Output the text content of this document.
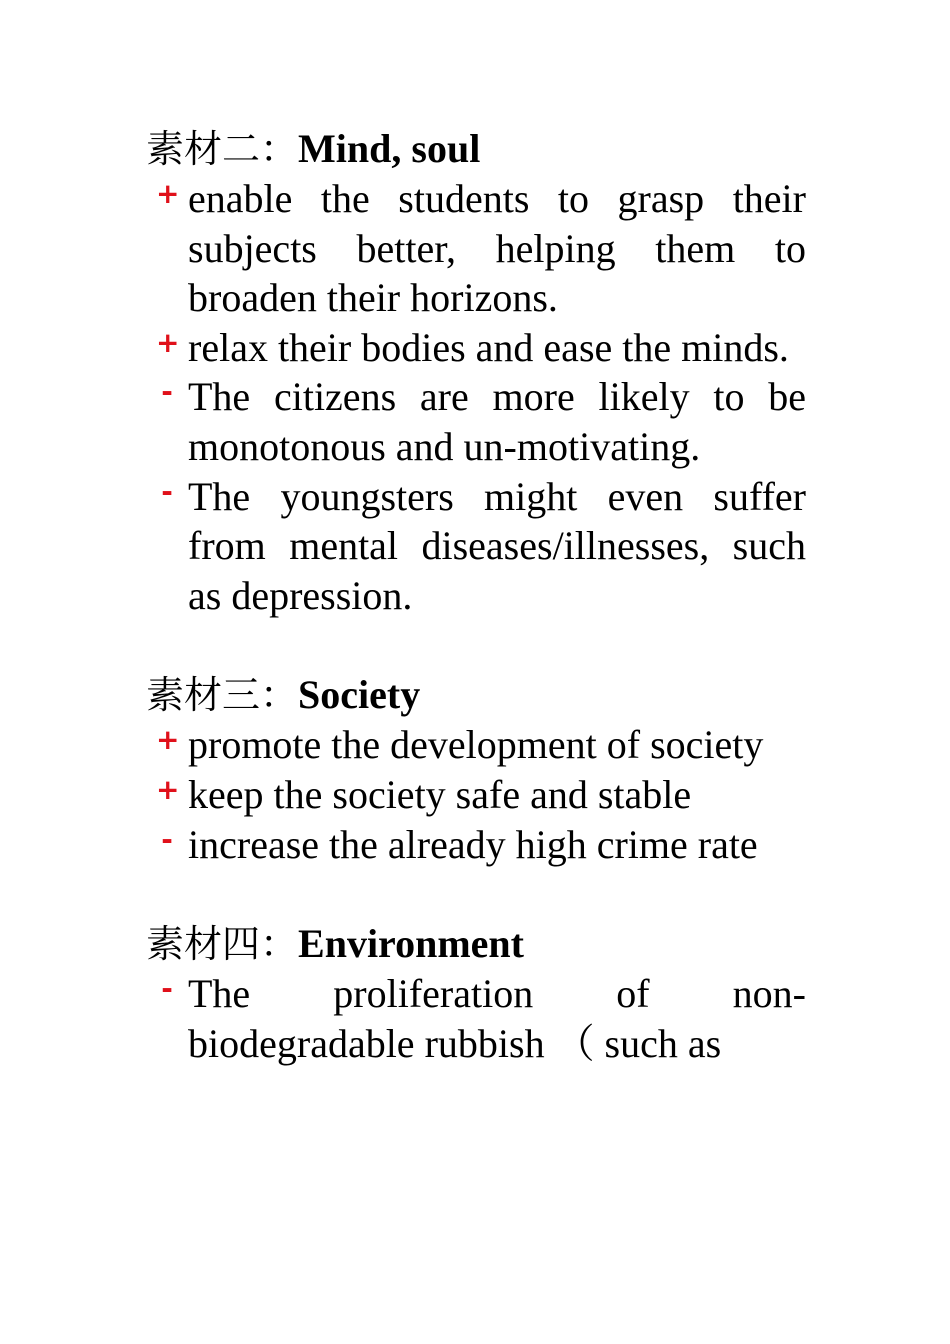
素材二：Mind, soul
+ enable the students to grasp their subjects better, helping them to broaden their horizons.
+ relax their bodies and ease the minds.
- The citizens are more likely to be monotonous and un-motivating.
- The youngsters might even suffer from mental diseases/illnesses, such as depression.
素材三：Society
+ promote the development of society
+ keep the society safe and stable
- increase the already high crime rate
素材四：Environment
- The proliferation of non-biodegradable rubbish （ such as
